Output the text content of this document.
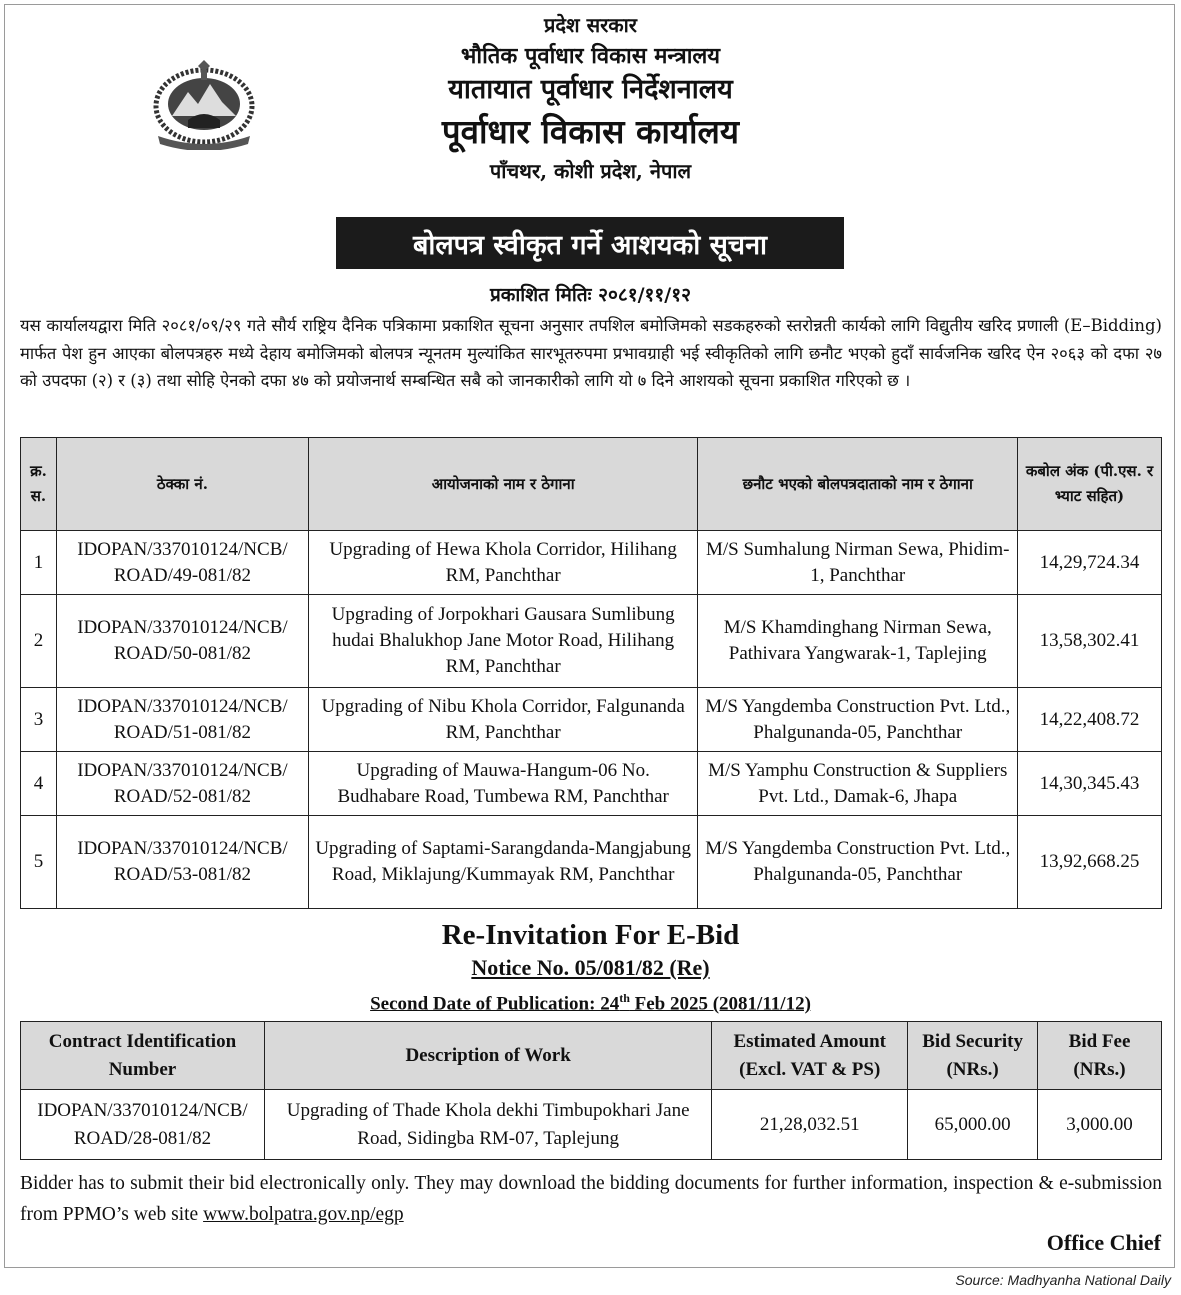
प्रदेश सरकार
भौतिक पूर्वाधार विकास मन्त्रालय
यातायात पूर्वाधार निर्देशनालय
पूर्वाधार विकास कार्यालय
पाँचथर, कोशी प्रदेश, नेपाल
बोलपत्र स्वीकृत गर्ने आशयको सूचना
प्रकाशित मितिः २०८१/११/१२
यस कार्यालयद्वारा मिति २०८१/०९/२९ गते सौर्य राष्ट्रिय दैनिक पत्रिकामा प्रकाशित सूचना अनुसार तपशिल बमोजिमको सडकहरुको स्तरोन्नती कार्यको लागि विद्युतीय खरिद प्रणाली (E–Bidding) मार्फत पेश हुन आएका बोलपत्रहरु मध्ये देहाय बमोजिमको बोलपत्र न्यूनतम मुल्यांकित सारभूतरुपमा प्रभावग्राही भई स्वीकृतिको लागि छनौट भएको हुदाँ सार्वजनिक खरिद ऐन २०६३ को दफा २७ को उपदफा (२) र (३) तथा सोहि ऐनको दफा ४७ को प्रयोजनार्थ सम्बन्धित सबै को जानकारीको लागि यो ७ दिने आशयको सूचना प्रकाशित गरिएको छ ।
क्र. स.	ठेक्का नं.	आयोजनाको नाम र ठेगाना	छनौट भएको बोलपत्रदाताको नाम र ठेगाना	कबोल अंक (पी.एस. र भ्याट सहित)
1	IDOPAN/337010124/NCB/ ROAD/49-081/82	Upgrading of Hewa Khola Corridor, Hilihang RM, Panchthar	M/S Sumhalung Nirman Sewa, Phidim-1, Panchthar	14,29,724.34
2	IDOPAN/337010124/NCB/ ROAD/50-081/82	Upgrading of Jorpokhari Gausara Sumlibung hudai Bhalukhop Jane Motor Road, Hilihang RM, Panchthar	M/S Khamdinghang Nirman Sewa, Pathivara Yangwarak-1, Taplejing	13,58,302.41
3	IDOPAN/337010124/NCB/ ROAD/51-081/82	Upgrading of Nibu Khola Corridor, Falgunanda RM, Panchthar	M/S Yangdemba Construction Pvt. Ltd., Phalgunanda-05, Panchthar	14,22,408.72
4	IDOPAN/337010124/NCB/ ROAD/52-081/82	Upgrading of Mauwa-Hangum-06 No. Budhabare Road, Tumbewa RM, Panchthar	M/S Yamphu Construction & Suppliers Pvt. Ltd., Damak-6, Jhapa	14,30,345.43
5	IDOPAN/337010124/NCB/ ROAD/53-081/82	Upgrading of Saptami-Sarangdanda-Mangjabung Road, Miklajung/Kummayak RM, Panchthar	M/S Yangdemba Construction Pvt. Ltd., Phalgunanda-05, Panchthar	13,92,668.25
Re-Invitation For E-Bid
Notice No. 05/081/82 (Re)
Second Date of Publication: 24th Feb 2025 (2081/11/12)
Contract Identification Number	Description of Work	Estimated Amount (Excl. VAT & PS)	Bid Security (NRs.)	Bid Fee (NRs.)
IDOPAN/337010124/NCB/ ROAD/28-081/82	Upgrading of Thade Khola dekhi Timbupokhari Jane Road, Sidingba RM-07, Taplejung	21,28,032.51	65,000.00	3,000.00
Bidder has to submit their bid electronically only. They may download the bidding documents for further information, inspection & e-submission from PPMO’s web site www.bolpatra.gov.np/egp
Office Chief
Source: Madhyanha National Daily
